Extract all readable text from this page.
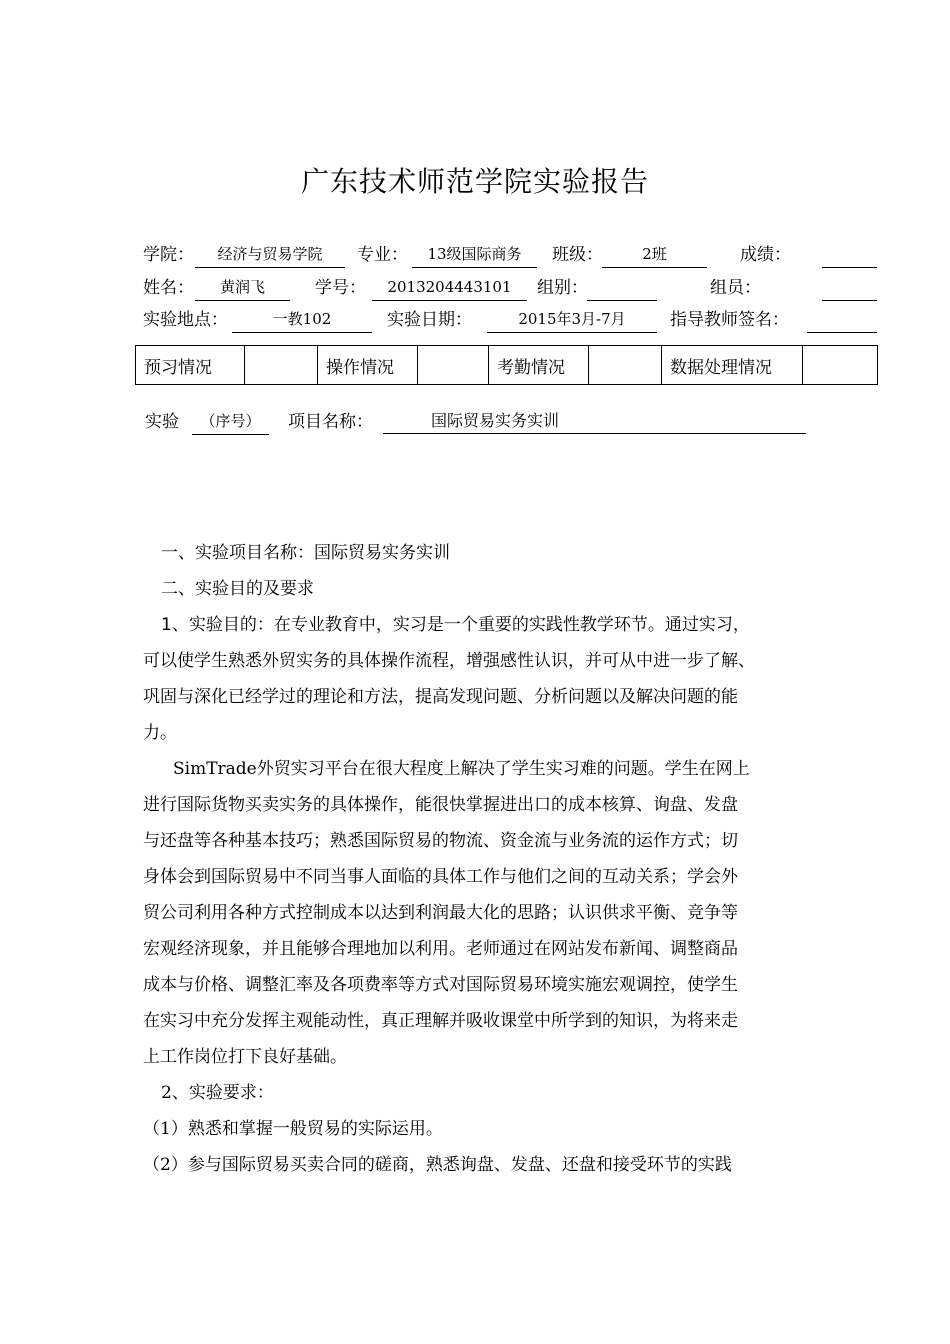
广东技术师范学院实验报告
学院：	经济与贸易学院	专业：	13级国际商务	班级：	2班	成绩：
姓名：	黄润飞	学号：	2013204443101	组别：	组员：
实验地点：	一教102	实验日期：	2015年3月-7月	指导教师签名：
预习情况		操作情况		考勤情况		数据处理情况	
实验	（序号）	项目名称：	国际贸易实务实训
一、实验项目名称：国际贸易实务实训
二、实验目的及要求
1、实验目的：在专业教育中，实习是一个重要的实践性教学环节。通过实习，
可以使学生熟悉外贸实务的具体操作流程，增强感性认识，并可从中进一步了解、
巩固与深化已经学过的理论和方法，提高发现问题、分析问题以及解决问题的能
力。
SimTrade外贸实习平台在很大程度上解决了学生实习难的问题。学生在网上
进行国际货物买卖实务的具体操作，能很快掌握进出口的成本核算、询盘、发盘
与还盘等各种基本技巧；熟悉国际贸易的物流、资金流与业务流的运作方式；切
身体会到国际贸易中不同当事人面临的具体工作与他们之间的互动关系；学会外
贸公司利用各种方式控制成本以达到利润最大化的思路；认识供求平衡、竞争等
宏观经济现象，并且能够合理地加以利用。老师通过在网站发布新闻、调整商品
成本与价格、调整汇率及各项费率等方式对国际贸易环境实施宏观调控，使学生
在实习中充分发挥主观能动性，真正理解并吸收课堂中所学到的知识，为将来走
上工作岗位打下良好基础。
2、实验要求：
（1）熟悉和掌握一般贸易的实际运用。
（2）参与国际贸易买卖合同的磋商，熟悉询盘、发盘、还盘和接受环节的实践
